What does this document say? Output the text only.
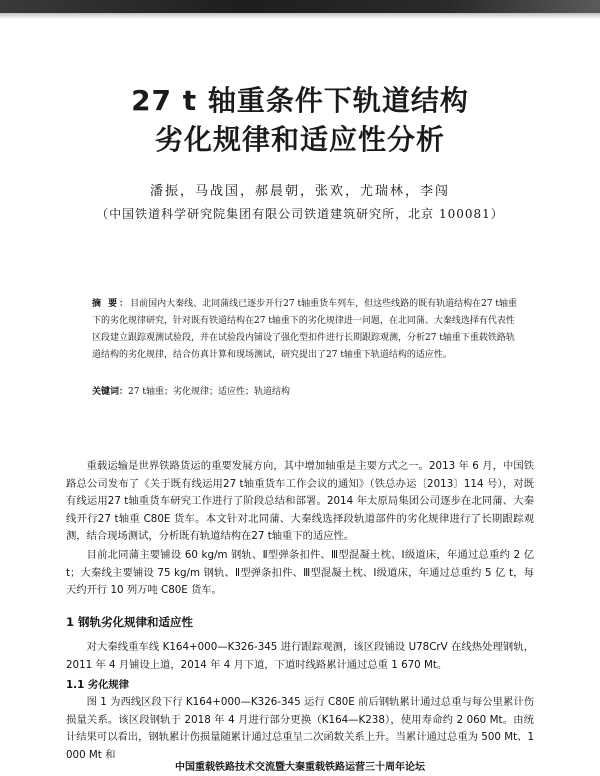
27 t 轴重条件下轨道结构
劣化规律和适应性分析
潘振，马战国，郝晨朝，张欢，尤瑞林，李闯
（中国铁道科学研究院集团有限公司铁道建筑研究所，北京 100081）
摘 要：目前国内大秦线、北同蒲线已逐步开行27 t轴重货车列车，但这些线路的既有轨道结构在27 t轴重下的劣化规律研究，针对既有铁道结构在27 t轴重下的劣化规律进一问题，在北同蒲、大秦线选择有代表性区段建立跟踪观测试验段，并在试验段内铺设了强化型扣件进行长期跟踪观测，分析27 t轴重下重载铁路轨道结构的劣化规律，结合仿真计算和现场测试，研究提出了27 t轴重下轨道结构的适应性。
关键词：27 t轴重；劣化规律；适应性；轨道结构

重载运输是世界铁路货运的重要发展方向，其中增加轴重是主要方式之一。2013 年 6 月，中国铁路总公司发布了《关于既有线运用27 t轴重货车工作会议的通知》（铁总办运〔2013〕114 号），对既有线运用27 t轴重货车研究工作进行了阶段总结和部署。2014 年太原局集团公司逐步在北同蒲、大秦线开行27 t轴重 C80E 货车。本文针对北同蒲、大秦线选择段轨道部件的劣化规律进行了长期跟踪观测，结合现场测试，分析既有轨道结构在27 t轴重下的适应性。

目前北同蒲主要铺设 60 kg/m 钢轨、Ⅱ型弹条扣件、Ⅲ型混凝土枕、Ⅰ级道床，年通过总重约 2 亿 t；大秦线主要铺设 75 kg/m 钢轨、Ⅱ型弹条扣件、Ⅲ型混凝土枕、Ⅰ级道床，年通过总重约 5 亿 t，每天约开行 10 列万吨 C80E 货车。

1 钢轨劣化规律和适应性

对大秦线重车线 K164+000—K326-345 进行跟踪观测，该区段铺设 U78CrV 在线热处理钢轨，2011 年 4 月铺设上道，2014 年 4 月下道，下道时线路累计通过总重 1 670 Mt。

1.1 劣化规律

图 1 为西线区段下行 K164+000—K326-345 运行 C80E 前后钢轨累计通过总重与每公里累计伤损量关系。该区段钢轨于 2018 年 4 月进行部分更换（K164—K238），使用寿命约 2 060 Mt。由统计结果可以看出，钢轨累计伤损量随累计通过总重呈二次函数关系上升。当累计通过总重为 500 Mt、1 000 Mt 和

中国重载铁路技术交流暨大秦重载铁路运营三十周年论坛
